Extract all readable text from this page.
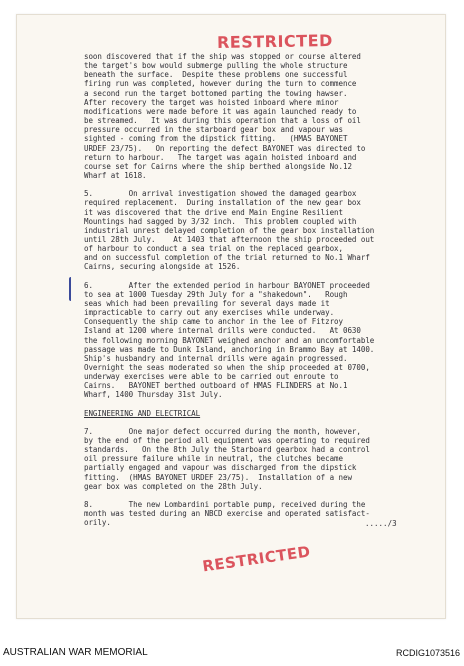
RESTRICTED
soon discovered that if the ship was stopped or course altered
the target's bow would submerge pulling the whole structure
beneath the surface.  Despite these problems one successful
firing run was completed, however during the turn to commence
a second run the target bottomed parting the towing hawser.
After recovery the target was hoisted inboard where minor
modifications were made before it was again launched ready to
be streamed.   It was during this operation that a loss of oil
pressure occurred in the starboard gear box and vapour was
sighted - coming from the dipstick fitting.   (HMAS BAYONET
URDEF 23/75).   On reporting the defect BAYONET was directed to
return to harbour.   The target was again hoisted inboard and
course set for Cairns where the ship berthed alongside No.12
Wharf at 1618.
5.        On arrival investigation showed the damaged gearbox
required replacement.  During installation of the new gear box
it was discovered that the drive end Main Engine Resilient
Mountings had sagged by 3/32 inch.  This problem coupled with
industrial unrest delayed completion of the gear box installation
until 28th July.    At 1403 that afternoon the ship proceeded out
of harbour to conduct a sea trial on the replaced gearbox,
and on successful completion of the trial returned to No.1 Wharf
Cairns, securing alongside at 1526.
6.        After the extended period in harbour BAYONET proceeded
to sea at 1000 Tuesday 29th July for a "shakedown".   Rough
seas which had been prevailing for several days made it
impracticable to carry out any exercises while underway.
Consequently the ship came to anchor in the lee of Fitzroy
Island at 1200 where internal drills were conducted.   At 0630
the following morning BAYONET weighed anchor and an uncomfortable
passage was made to Dunk Island, anchoring in Brammo Bay at 1400.
Ship's husbandry and internal drills were again progressed.
Overnight the seas moderated so when the ship proceeded at 0700,
underway exercises were able to be carried out enroute to
Cairns.   BAYONET berthed outboard of HMAS FLINDERS at No.1
Wharf, 1400 Thursday 31st July.
ENGINEERING AND ELECTRICAL
7.        One major defect occurred during the month, however,
by the end of the period all equipment was operating to required
standards.   On the 8th July the Starboard gearbox had a control
oil pressure failure while in neutral, the clutches became
partially engaged and vapour was discharged from the dipstick
fitting.  (HMAS BAYONET URDEF 23/75).  Installation of a new
gear box was completed on the 28th July.
8.        The new Lombardini portable pump, received during the
month was tested during an NBCD exercise and operated satisfact-
orily.	...../3
RESTRICTED
AUSTRALIAN WAR MEMORIAL	RCDIG1073516
